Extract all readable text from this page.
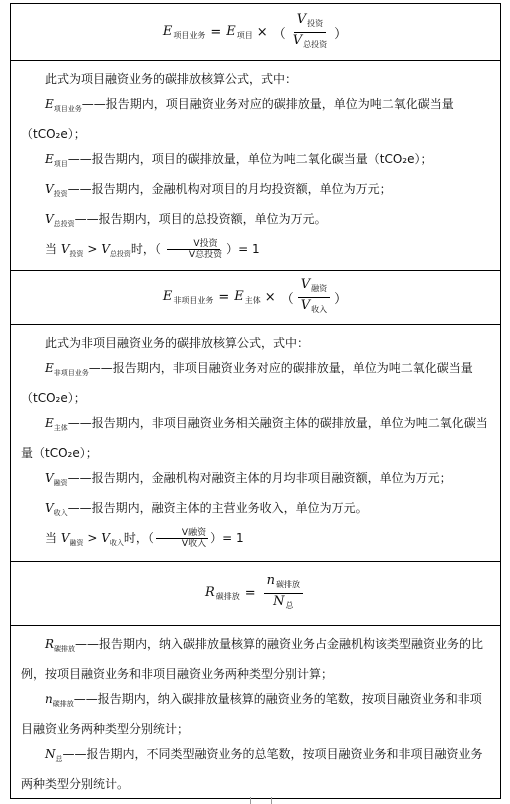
$E_{项目业务} = E_{项目}$ × （ $\frac{V_{投资}}{V_{总投资}}$ ）

此式为项目融资业务的碳排放核算公式，式中：

$E_{项目业务}——$报告期内，项目融资业务对应的碳排放量，单位为吨二氧化碳当量（tCO₂e）；

$E_{项目}——$报告期内，项目的碳排放量，单位为吨二氧化碳当量（tCO₂e）；

$V_{投资}——$报告期内，金融机构对项目的月均投资额，单位为万元；

$V_{总投资}——$报告期内，项目的总投资额，单位为万元。

当 $V_{投资} > V_{总投资}$时，（ $\frac{\text{V投资}}{\text{V总投资}}$ ）= 1

$E_{非项目业务} = E_{主体}$ × （ $\frac{V_{融资}}{V_{收入}}$ ）

此式为非项目融资业务的碳排放核算公式，式中：

$E_{非项目业务}——$报告期内，非项目融资业务对应的碳排放量，单位为吨二氧化碳当量（tCO₂e）；

$E_{主体}——$报告期内，非项目融资业务相关融资主体的碳排放量，单位为吨二氧化碳当量（tCO₂e）；

$V_{融资}——$报告期内，金融机构对融资主体的月均非项目融资额，单位为万元；

$V_{收入}——$报告期内，融资主体的主营业务收入，单位为万元。

当 $V_{融资} > V_{收入}$时，（ $\frac{\text{V融资}}{\text{V收入}}$ ）= 1

$R_{碳排放} = \frac{n_{碳排放}}{N_总}$

$R_{碳排放}——$报告期内，纳入碳排放量核算的融资业务占金融机构该类型融资业务的比例，按项目融资业务和非项目融资业务两种类型分别计算；

$n_{碳排放}——$报告期内，纳入碳排放量核算的融资业务的笔数，按项目融资业务和非项目融资业务两种类型分别统计；

$N_总——$报告期内，不同类型融资业务的总笔数，按项目融资业务和非项目融资业务两种类型分别统计。
